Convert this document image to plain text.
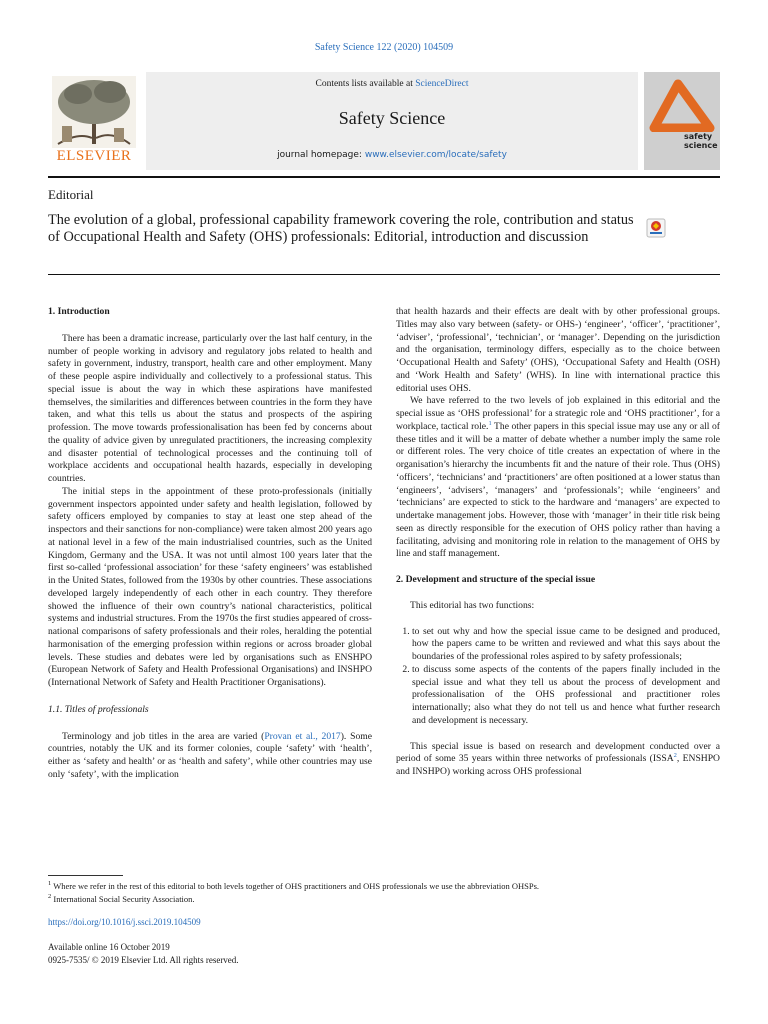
Safety Science 122 (2020) 104509
ELSEVIER
Contents lists available at ScienceDirect
Safety Science
journal homepage: www.elsevier.com/locate/safety
safety
science
Editorial
The evolution of a global, professional capability framework covering the role, contribution and status of Occupational Health and Safety (OHS) professionals: Editorial, introduction and discussion
1. Introduction

There has been a dramatic increase, particularly over the last half century, in the number of people working in advisory and regulatory jobs related to health and safety in government, industry, transport, health care and other employment. Many of these people aspire individually and collectively to a professional status. This special issue is about the way in which these aspirations have manifested themselves, the similarities and differences between countries in the form they have taken, and what this tells us about the status and prospects of the aspiring profession. The move towards professionalisation has been fed by concerns about the quality of advice given by unregulated practitioners, the increasing complexity and disaster potential of technological processes and the continuing toll of workplace accidents and occupational health hazards, especially in developing countries.

The initial steps in the appointment of these proto-professionals (initially government inspectors appointed under safety and health legislation, followed by safety officers employed by companies to stay at least one step ahead of the inspectors and their sanctions for non-compliance) were taken almost 200 years ago at national level in a few of the main industrialised countries, such as the United Kingdom, Germany and the USA. It was not until almost 100 years later that the first so-called ‘professional association’ for these ‘safety engineers’ was established in the United States, followed from the 1930s by other countries. These associations developed largely independently of each other in each country. They therefore showed the influence of their own country’s national characteristics, political systems and industrial structures. From the 1970s the first studies appeared of cross-national comparisons of safety professionals and their roles, heralding the potential harmonisation of the emerging profession within regions or across broader global levels. These studies and debates were led by organisations such as ENSHPO (European Network of Safety and Health Professional Organisations) and INSHPO (International Network of Safety and Health Practitioner Organisations).

1.1. Titles of professionals

Terminology and job titles in the area are varied (Provan et al., 2017). Some countries, notably the UK and its former colonies, couple ‘safety’ with ‘health’, either as ‘safety and health’ or as ‘health and safety’, while other countries may use only ‘safety’, with the implication

that health hazards and their effects are dealt with by other professional groups. Titles may also vary between (safety- or OHS-) ‘engineer’, ‘officer’, ‘practitioner’, ‘adviser’, ‘professional’, ‘technician’, or ‘manager’. Depending on the jurisdiction and the organisation, terminology differs, especially as to the choice between ‘Occupational Health and Safety’ (OHS), ‘Occupational Safety and Health (OSH) and ‘Work Health and Safety’ (WHS). In line with international practice this editorial uses OHS.

We have referred to the two levels of job explained in this editorial and the special issue as ‘OHS professional’ for a strategic role and ‘OHS practitioner’, for a workplace, tactical role.$^1$ The other papers in this special issue may use any or all of these titles and it will be a matter of debate whether a number imply the same role or different roles. The very choice of title creates an expectation of where in the organisation’s hierarchy the incumbents fit and the nature of their role. Thus (OHS) ‘officers’, ‘technicians’ and ‘practitioners’ are often positioned at a lower status than ‘engineers’, ‘advisers’, ‘managers’ and ‘professionals’; while ‘engineers’ and ‘technicians’ are expected to stick to the hardware and ‘managers’ are expected to undertake management jobs. However, those with ‘manager’ in their title risk being seen as directly responsible for the execution of OHS policy rather than having a facilitating, advising and monitoring role in relation to the management of OHS by line and staff management.

2. Development and structure of the special issue

This editorial has two functions:

1. to set out why and how the special issue came to be designed and produced, how the papers came to be written and reviewed and what this says about the boundaries of the professional roles aspired to by safety professionals;
2. to discuss some aspects of the contents of the papers finally included in the special issue and what they tell us about the process of development and professionalisation of the OHS professional and practitioner roles internationally; also what they do not tell us and hence what further research and development is necessary.

This special issue is based on research and development conducted over a period of some 35 years within three networks of professionals (ISSA$^2$, ENSHPO and INSHPO) working across OHS professional

$^1$ Where we refer in the rest of this editorial to both levels together of OHS practitioners and OHS professionals we use the abbreviation OHSPs.
$^2$ International Social Security Association.
https://doi.org/10.1016/j.ssci.2019.104509
Available online 16 October 2019
0925-7535/ © 2019 Elsevier Ltd. All rights reserved.
